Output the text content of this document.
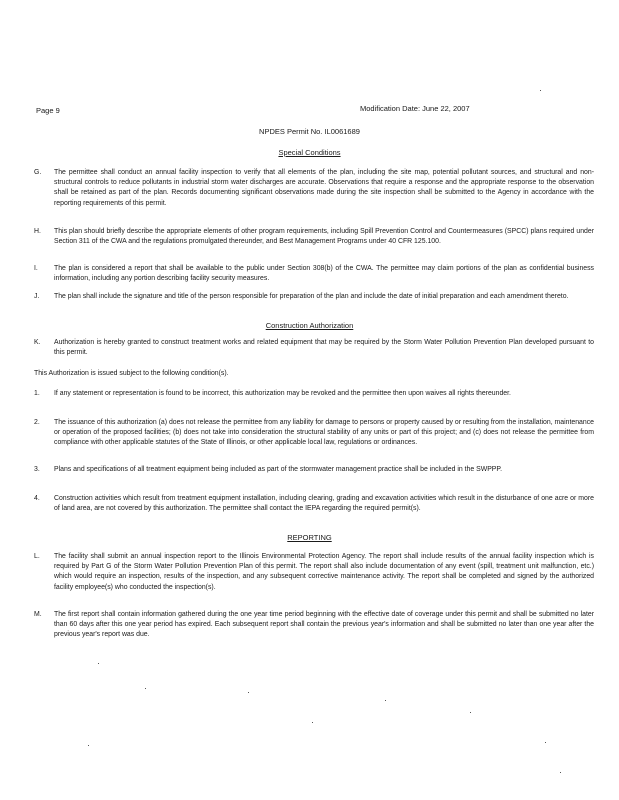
Page 9	Modification Date: June 22, 2007
NPDES Permit No. IL0061689
Special Conditions
G.	The permittee shall conduct an annual facility inspection to verify that all elements of the plan, including the site map, potential pollutant sources, and structural and non-structural controls to reduce pollutants in industrial storm water discharges are accurate. Observations that require a response and the appropriate response to the observation shall be retained as part of the plan. Records documenting significant observations made during the site inspection shall be submitted to the Agency in accordance with the reporting requirements of this permit.
H.	This plan should briefly describe the appropriate elements of other program requirements, including Spill Prevention Control and Countermeasures (SPCC) plans required under Section 311 of the CWA and the regulations promulgated thereunder, and Best Management Programs under 40 CFR 125.100.
I.	The plan is considered a report that shall be available to the public under Section 308(b) of the CWA. The permittee may claim portions of the plan as confidential business information, including any portion describing facility security measures.
J.	The plan shall include the signature and title of the person responsible for preparation of the plan and include the date of initial preparation and each amendment thereto.
Construction Authorization
K.	Authorization is hereby granted to construct treatment works and related equipment that may be required by the Storm Water Pollution Prevention Plan developed pursuant to this permit.
This Authorization is issued subject to the following condition(s).
1.	If any statement or representation is found to be incorrect, this authorization may be revoked and the permittee then upon waives all rights thereunder.
2.	The issuance of this authorization (a) does not release the permittee from any liability for damage to persons or property caused by or resulting from the installation, maintenance or operation of the proposed facilities; (b) does not take into consideration the structural stability of any units or part of this project; and (c) does not release the permittee from compliance with other applicable statutes of the State of Illinois, or other applicable local law, regulations or ordinances.
3.	Plans and specifications of all treatment equipment being included as part of the stormwater management practice shall be included in the SWPPP.
4.	Construction activities which result from treatment equipment installation, including clearing, grading and excavation activities which result in the disturbance of one acre or more of land area, are not covered by this authorization. The permittee shall contact the IEPA regarding the required permit(s).
REPORTING
L.	The facility shall submit an annual inspection report to the Illinois Environmental Protection Agency. The report shall include results of the annual facility inspection which is required by Part G of the Storm Water Pollution Prevention Plan of this permit. The report shall also include documentation of any event (spill, treatment unit malfunction, etc.) which would require an inspection, results of the inspection, and any subsequent corrective maintenance activity. The report shall be completed and signed by the authorized facility employee(s) who conducted the inspection(s).
M.	The first report shall contain information gathered during the one year time period beginning with the effective date of coverage under this permit and shall be submitted no later than 60 days after this one year period has expired. Each subsequent report shall contain the previous year's information and shall be submitted no later than one year after the previous year's report was due.
